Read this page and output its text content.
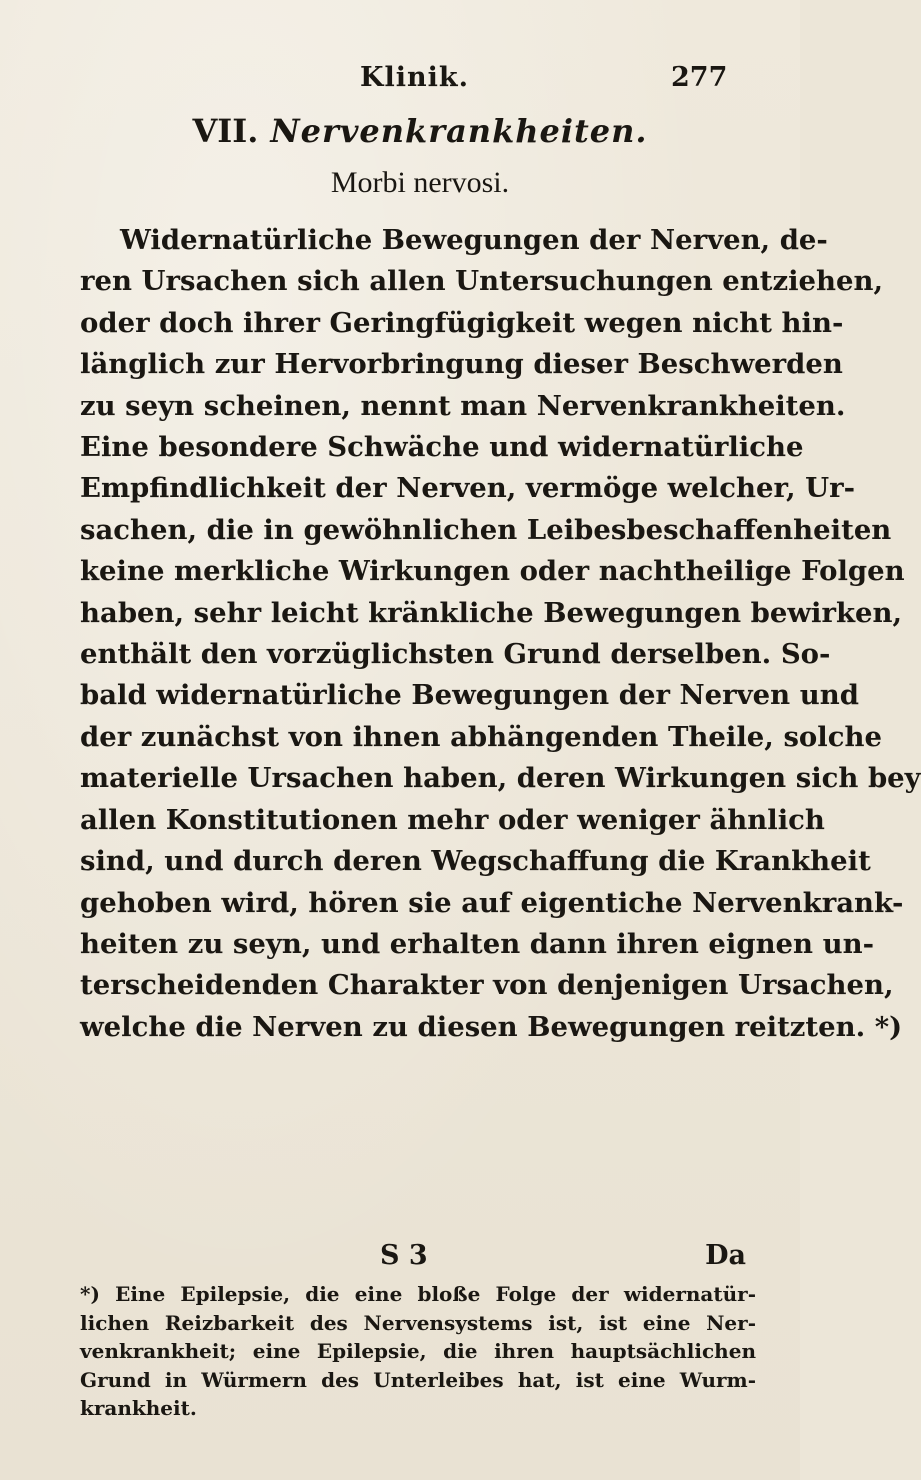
Klinik.	277
VII. Nervenkrankheiten.
Morbi nervosi.
Widernatürliche Bewegungen der Nerven, de-
ren Ursachen sich allen Untersuchungen entziehen,
oder doch ihrer Geringfügigkeit wegen nicht hin-
länglich zur Hervorbringung dieser Beschwerden
zu seyn scheinen, nennt man Nervenkrankheiten.
Eine besondere Schwäche und widernatürliche
Empfindlichkeit der Nerven, vermöge welcher, Ur-
sachen, die in gewöhnlichen Leibesbeschaffenheiten
keine merkliche Wirkungen oder nachtheilige Folgen
haben, sehr leicht kränkliche Bewegungen bewirken,
enthält den vorzüglichsten Grund derselben. So-
bald widernatürliche Bewegungen der Nerven und
der zunächst von ihnen abhängenden Theile, solche
materielle Ursachen haben, deren Wirkungen sich bey
allen Konstitutionen mehr oder weniger ähnlich
sind, und durch deren Wegschaffung die Krankheit
gehoben wird, hören sie auf eigentiche Nervenkrank-
heiten zu seyn, und erhalten dann ihren eignen un-
terscheidenden Charakter von denjenigen Ursachen,
welche die Nerven zu diesen Bewegungen reitzten. *)
S 3	Da
*) Eine Epilepsie, die eine bloße Folge der widernatür-
lichen Reizbarkeit des Nervensystems ist, ist eine Ner-
venkrankheit; eine Epilepsie, die ihren hauptsächlichen
Grund in Würmern des Unterleibes hat, ist eine Wurm-
krankheit.
